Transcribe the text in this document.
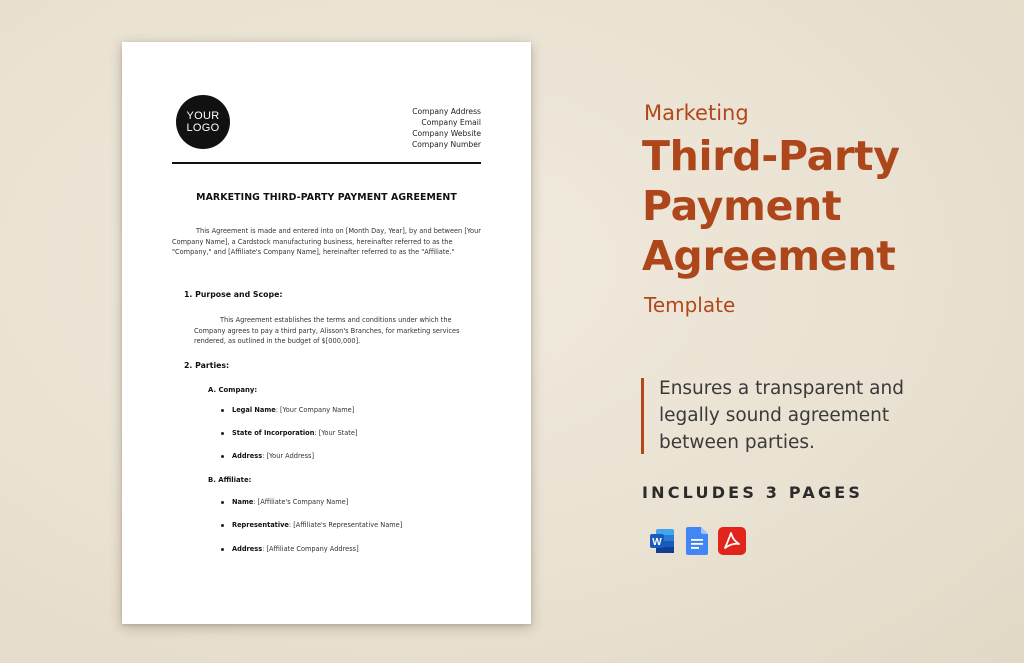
YOUR
LOGO
Company Address
Company Email
Company Website
Company Number
MARKETING THIRD-PARTY PAYMENT AGREEMENT

This Agreement is made and entered into on [Month Day, Year], by and between [Your Company Name], a Cardstock manufacturing business, hereinafter referred to as the "Company," and [Affiliate's Company Name], hereinafter referred to as the "Affiliate."

1. Purpose and Scope:

This Agreement establishes the terms and conditions under which the Company agrees to pay a third party, Alisson's Branches, for marketing services rendered, as outlined in the budget of $[000,000].

2. Parties:
A. Company:
Legal Name: [Your Company Name]
State of Incorporation: [Your State]
Address: [Your Address]
B. Affiliate:
Name: [Affiliate's Company Name]
Representative: [Affiliate's Representative Name]
Address: [Affiliate Company Address]
Marketing
Third-Party
Payment
Agreement
Template

Ensures a transparent and legally sound agreement between parties.

INCLUDES 3 PAGES
W
